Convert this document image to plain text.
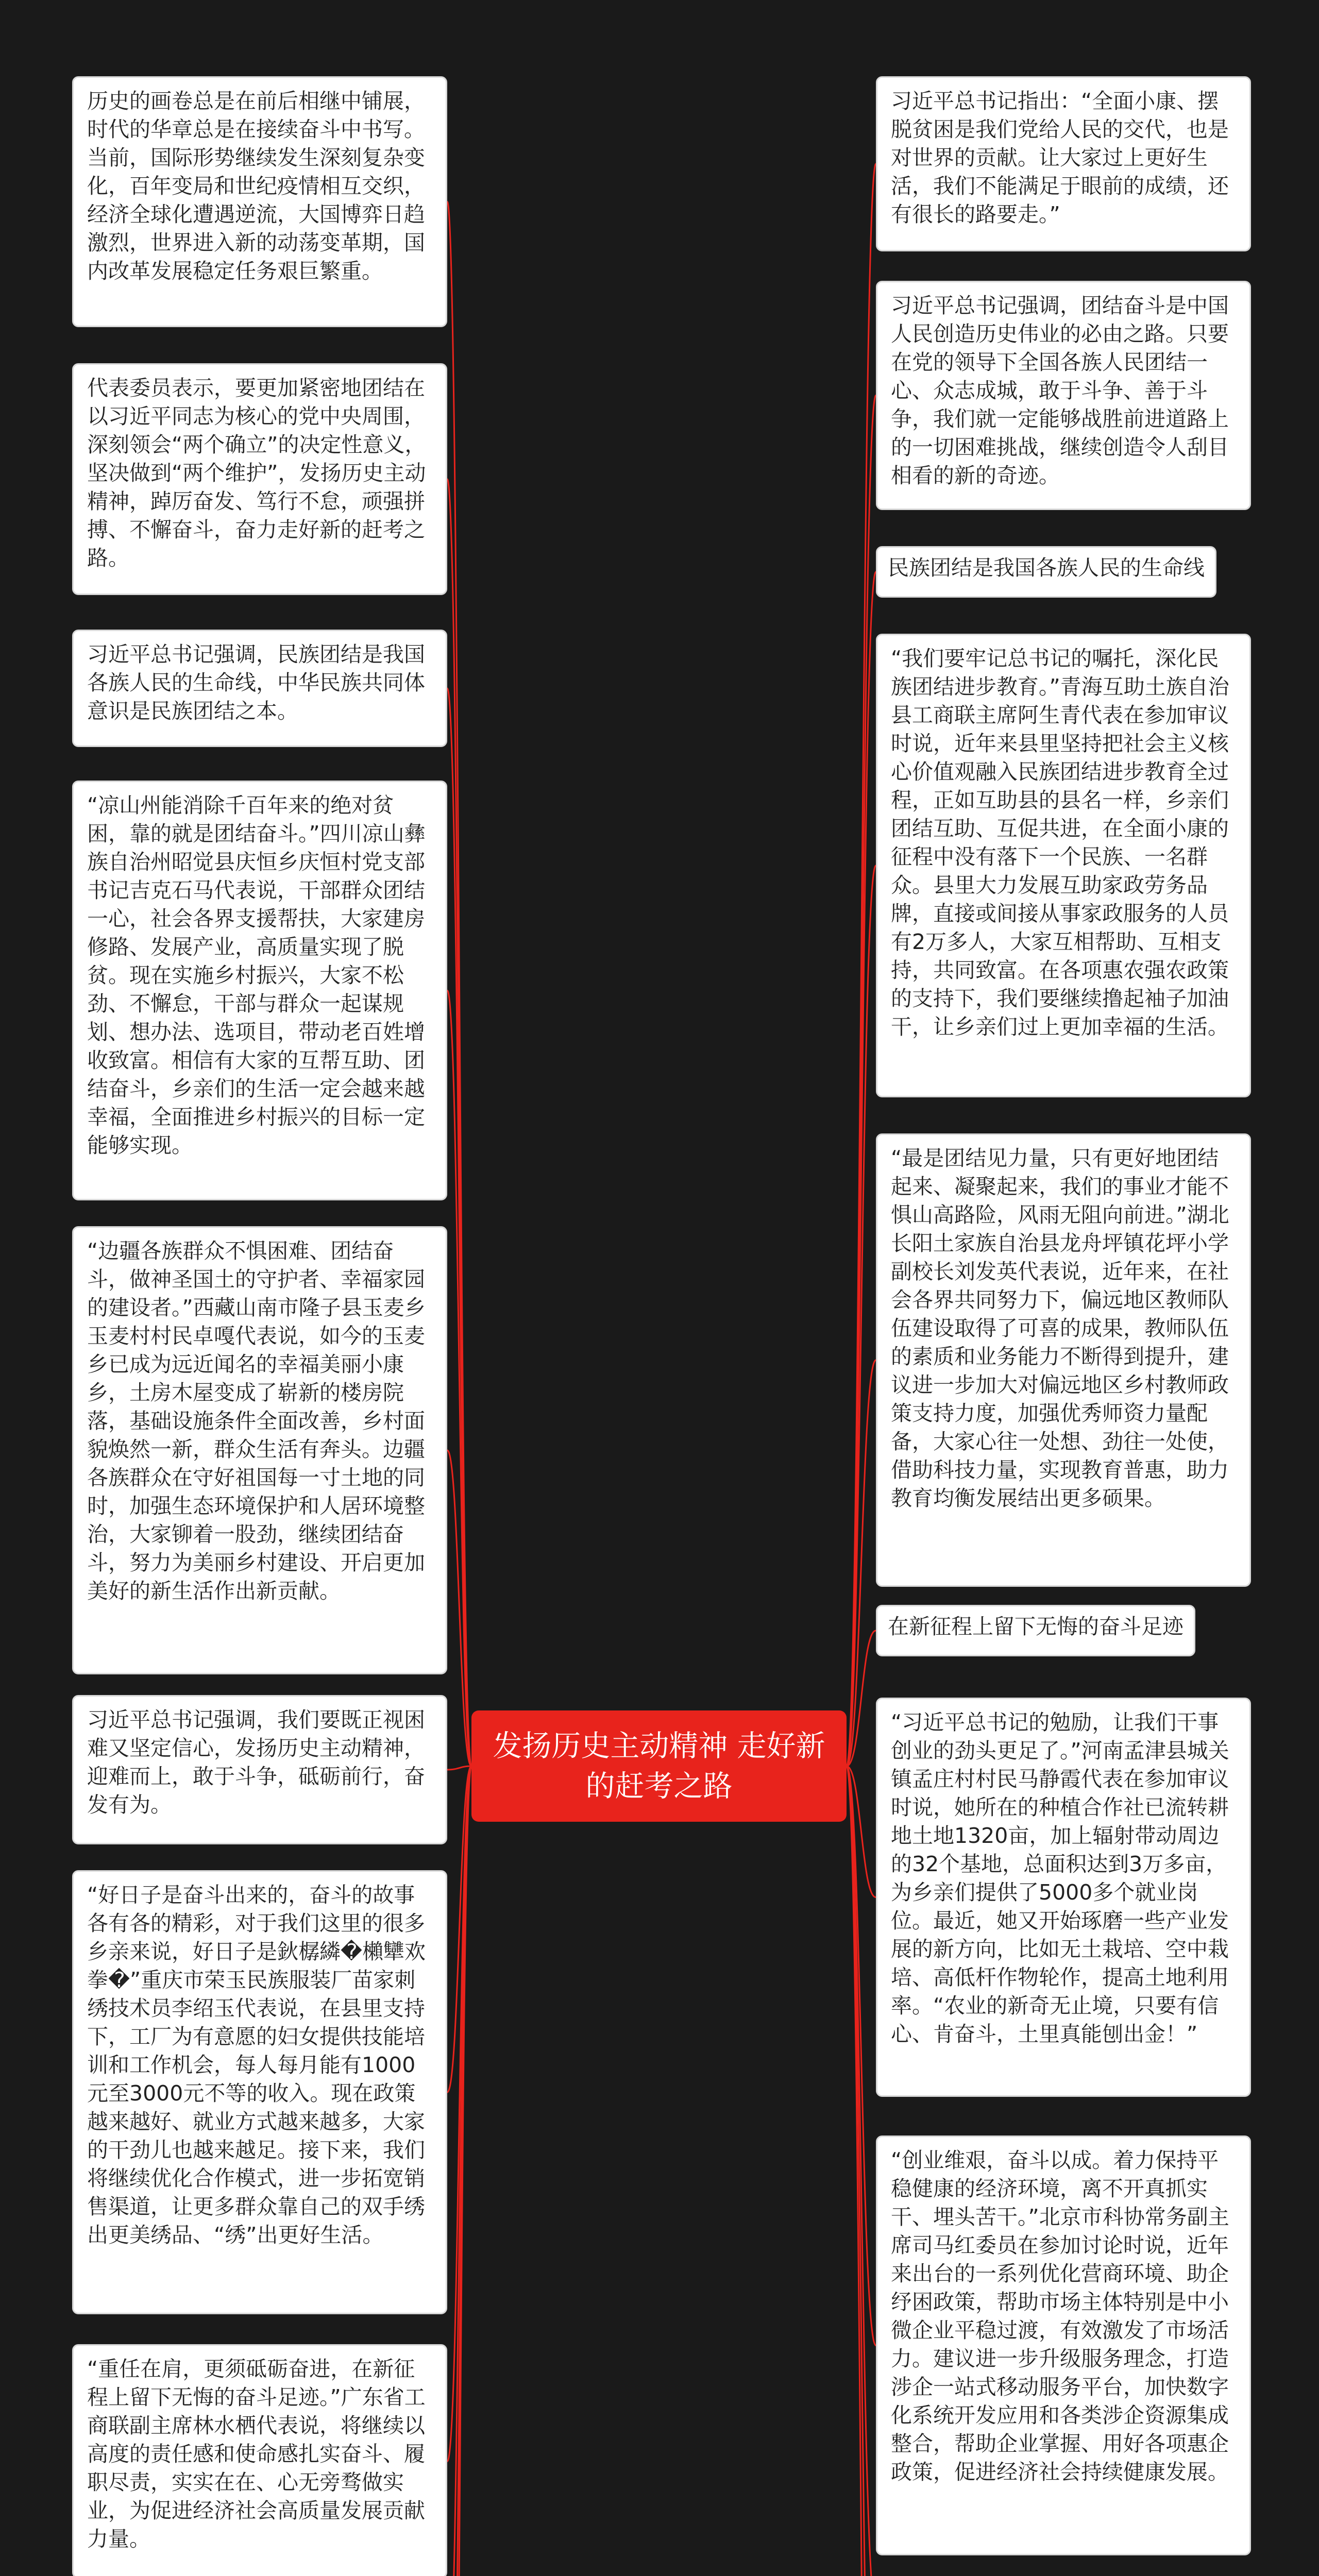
发扬历史主动精神 走好新的赶考之路
历史的画卷总是在前后相继中铺展，时代的华章总是在接续奋斗中书写。当前，国际形势继续发生深刻复杂变化，百年变局和世纪疫情相互交织，经济全球化遭遇逆流，大国博弈日趋激烈，世界进入新的动荡变革期，国内改革发展稳定任务艰巨繁重。
代表委员表示，要更加紧密地团结在以习近平同志为核心的党中央周围，深刻领会“两个确立”的决定性意义，坚决做到“两个维护”，发扬历史主动精神，踔厉奋发、笃行不怠，顽强拼搏、不懈奋斗，奋力走好新的赶考之路。
习近平总书记强调，民族团结是我国各族人民的生命线，中华民族共同体意识是民族团结之本。
“凉山州能消除千百年来的绝对贫困，靠的就是团结奋斗。”四川凉山彝族自治州昭觉县庆恒乡庆恒村党支部书记吉克石马代表说，干部群众团结一心，社会各界支援帮扶，大家建房修路、发展产业，高质量实现了脱贫。现在实施乡村振兴，大家不松劲、不懈怠，干部与群众一起谋规划、想办法、选项目，带动老百姓增收致富。相信有大家的互帮互助、团结奋斗，乡亲们的生活一定会越来越幸福，全面推进乡村振兴的目标一定能够实现。
“边疆各族群众不惧困难、团结奋斗，做神圣国土的守护者、幸福家园的建设者。”西藏山南市隆子县玉麦乡玉麦村村民卓嘎代表说，如今的玉麦乡已成为远近闻名的幸福美丽小康乡，土房木屋变成了崭新的楼房院落，基础设施条件全面改善，乡村面貌焕然一新，群众生活有奔头。边疆各族群众在守好祖国每一寸土地的同时，加强生态环境保护和人居环境整治，大家铆着一股劲，继续团结奋斗，努力为美丽乡村建设、开启更加美好的新生活作出新贡献。
习近平总书记强调，我们要既正视困难又坚定信心，发扬历史主动精神，迎难而上，敢于斗争，砥砺前行，奋发有为。
“好日子是奋斗出来的，奋斗的故事各有各的精彩，对于我们这里的很多乡亲来说，好日子是鈥樼繗�櫴犫欢拳�”重庆市荣玉民族服装厂苗家刺绣技术员李绍玉代表说，在县里支持下，工厂为有意愿的妇女提供技能培训和工作机会，每人每月能有1000元至3000元不等的收入。现在政策越来越好、就业方式越来越多，大家的干劲儿也越来越足。接下来，我们将继续优化合作模式，进一步拓宽销售渠道，让更多群众靠自己的双手绣出更美绣品、“绣”出更好生活。
“重任在肩，更须砥砺奋进，在新征程上留下无悔的奋斗足迹。”广东省工商联副主席林水栖代表说，将继续以高度的责任感和使命感扎实奋斗、履职尽责，实实在在、心无旁骛做实业，为促进经济社会高质量发展贡献力量。
习近平总书记指出：“全面小康、摆脱贫困是我们党给人民的交代，也是对世界的贡献。让大家过上更好生活，我们不能满足于眼前的成绩，还有很长的路要走。”
习近平总书记强调，团结奋斗是中国人民创造历史伟业的必由之路。只要在党的领导下全国各族人民团结一心、众志成城，敢于斗争、善于斗争，我们就一定能够战胜前进道路上的一切困难挑战，继续创造令人刮目相看的新的奇迹。
民族团结是我国各族人民的生命线
“我们要牢记总书记的嘱托，深化民族团结进步教育。”青海互助土族自治县工商联主席阿生青代表在参加审议时说，近年来县里坚持把社会主义核心价值观融入民族团结进步教育全过程，正如互助县的县名一样，乡亲们团结互助、互促共进，在全面小康的征程中没有落下一个民族、一名群众。县里大力发展互助家政劳务品牌，直接或间接从事家政服务的人员有2万多人，大家互相帮助、互相支持，共同致富。在各项惠农强农政策的支持下，我们要继续撸起袖子加油干，让乡亲们过上更加幸福的生活。
“最是团结见力量，只有更好地团结起来、凝聚起来，我们的事业才能不惧山高路险，风雨无阻向前进。”湖北长阳土家族自治县龙舟坪镇花坪小学副校长刘发英代表说，近年来，在社会各界共同努力下，偏远地区教师队伍建设取得了可喜的成果，教师队伍的素质和业务能力不断得到提升，建议进一步加大对偏远地区乡村教师政策支持力度，加强优秀师资力量配备，大家心往一处想、劲往一处使，借助科技力量，实现教育普惠，助力教育均衡发展结出更多硕果。
在新征程上留下无悔的奋斗足迹
“习近平总书记的勉励，让我们干事创业的劲头更足了。”河南孟津县城关镇孟庄村村民马静霞代表在参加审议时说，她所在的种植合作社已流转耕地土地1320亩，加上辐射带动周边的32个基地，总面积达到3万多亩，为乡亲们提供了5000多个就业岗位。最近，她又开始琢磨一些产业发展的新方向，比如无土栽培、空中栽培、高低杆作物轮作，提高土地利用率。“农业的新奇无止境，只要有信心、肯奋斗，土里真能刨出金！”
“创业维艰，奋斗以成。着力保持平稳健康的经济环境，离不开真抓实干、埋头苦干。”北京市科协常务副主席司马红委员在参加讨论时说，近年来出台的一系列优化营商环境、助企纾困政策，帮助市场主体特别是中小微企业平稳过渡，有效激发了市场活力。建议进一步升级服务理念，打造涉企一站式移动服务平台，加快数字化系统开发应用和各类涉企资源集成整合，帮助企业掌握、用好各项惠企政策，促进经济社会持续健康发展。
